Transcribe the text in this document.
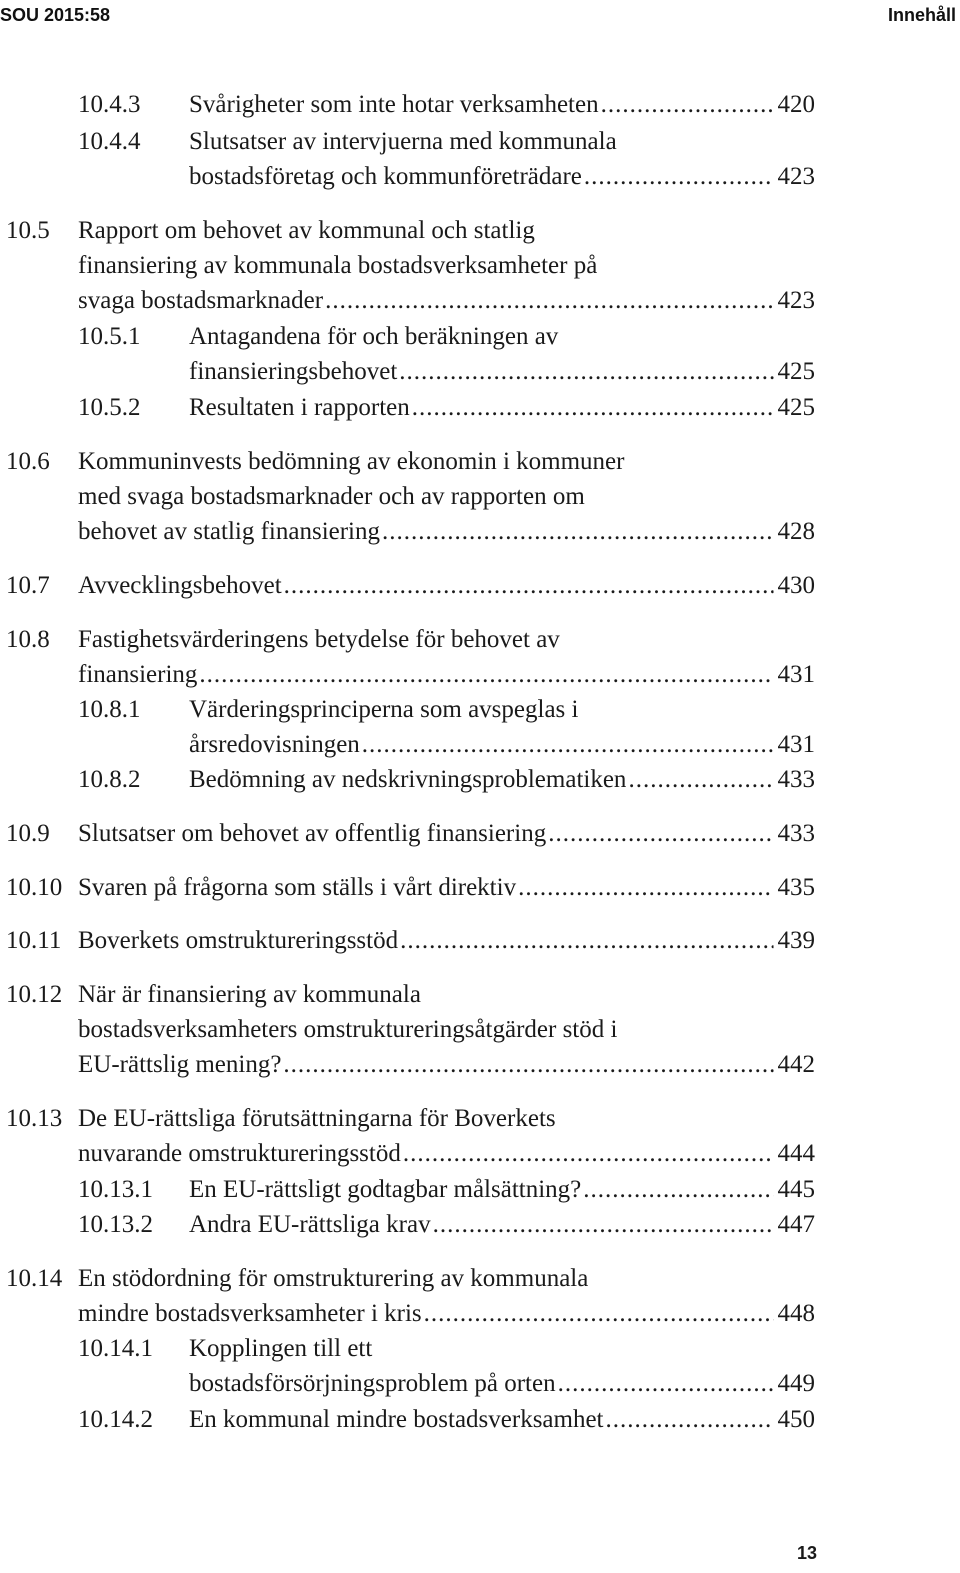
SOU 2015:58	Innehåll
10.4.3 Svårigheter som inte hotar verksamheten .....	420
10.4.4 Slutsatser av intervjuerna med kommunala
bostadsföretag och kommunföreträdare .....	423
10.5 Rapport om behovet av kommunal och statlig
finansiering av kommunala bostadsverksamheter på
svaga bostadsmarknader .....	423
10.5.1 Antagandena för och beräkningen av
finansieringsbehovet .....	425
10.5.2 Resultaten i rapporten .....	425
10.6 Kommuninvests bedömning av ekonomin i kommuner
med svaga bostadsmarknader och av rapporten om
behovet av statlig finansiering .....	428
10.7 Avvecklingsbehovet .....	430
10.8 Fastighetsvärderingens betydelse för behovet av
finansiering .....	431
10.8.1 Värderingsprinciperna som avspeglas i
årsredovisningen .....	431
10.8.2 Bedömning av nedskrivningsproblematiken .....	433
10.9 Slutsatser om behovet av offentlig finansiering .....	433
10.10 Svaren på frågorna som ställs i vårt direktiv .....	435
10.11 Boverkets omstruktureringsstöd .....	439
10.12 När är finansiering av kommunala
bostadsverksamheters omstruktureringsåtgärder stöd i
EU-rättslig mening? .....	442
10.13 De EU-rättsliga förutsättningarna för Boverkets
nuvarande omstruktureringsstöd .....	444
10.13.1 En EU-rättsligt godtagbar målsättning? .....	445
10.13.2 Andra EU-rättsliga krav .....	447
10.14 En stödordning för omstrukturering av kommunala
mindre bostadsverksamheter i kris .....	448
10.14.1 Kopplingen till ett
bostadsförsörjningsproblem på orten .....	449
10.14.2 En kommunal mindre bostadsverksamhet .....	450
13
